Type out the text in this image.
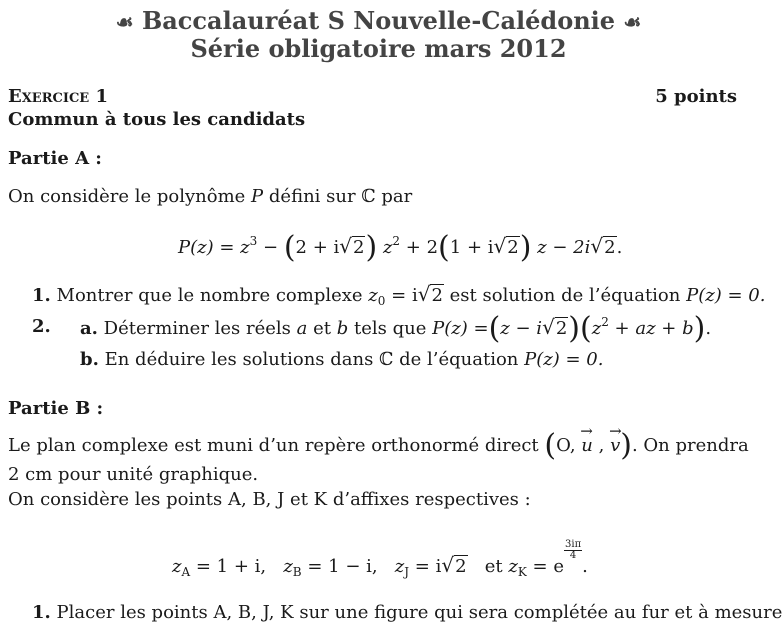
☙ Baccalauréat S Nouvelle-Calédonie ☙
Série obligatoire mars 2012
Exercice 1	5 points
Commun à tous les candidats
Partie A :
On considère le polynôme P défini sur ℂ par
$P(z) = z^3 - (2 + i√2) z^2 + 2(1 + i√2) z - 2i√2$.
1. Montrer que le nombre complexe $z_0 = i√2$ est solution de l’équation P(z) = 0.
2. a. Déterminer les réels a et b tels que $P(z) =(z - i√2)(z^2$ + az + b).
b. En déduire les solutions dans ℂ de l’équation P(z) = 0.
Partie B :
Le plan complexe est muni d’un repère orthonormé direct (O, → u , → v). On prendra
2 cm pour unité graphique.
On considère les points A, B, J et K d’affixes respectives :
$z_A = 1 + i$, $z_B = 1 - i$, $z_J = i√2$ et $z_K = e$
$\frac{3i\pi}{4}$
.
1. Placer les points A, B, J, K sur une figure qui sera complétée au fur et à mesure
